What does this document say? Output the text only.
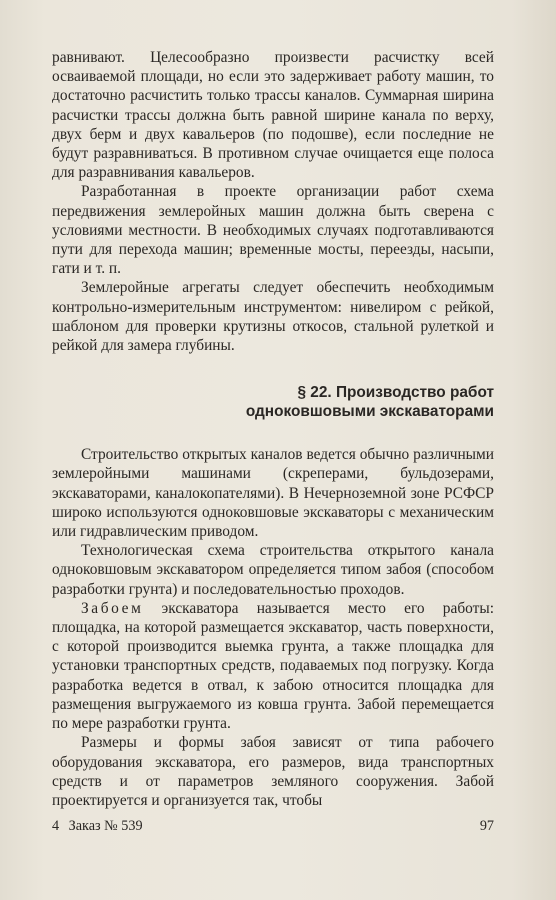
равнивают. Целесообразно произвести расчистку всей осваиваемой площади, но если это задерживает работу машин, то достаточно расчистить только трассы каналов. Суммарная ширина расчистки трассы должна быть равной ширине канала по верху, двух берм и двух кавальеров (по подошве), если последние не будут разравниваться. В противном случае очищается еще полоса для разравнивания кавальеров.

Разработанная в проекте организации работ схема передвижения землеройных машин должна быть сверена с условиями местности. В необходимых случаях подготавливаются пути для перехода машин; временные мосты, переезды, насыпи, гати и т. п.

Землеройные агрегаты следует обеспечить необходимым контрольно-измерительным инструментом: нивелиром с рейкой, шаблоном для проверки крутизны откосов, стальной рулеткой и рейкой для замера глубины.

§ 22. Производство работ
одноковшовыми экскаваторами

Строительство открытых каналов ведется обычно различными землеройными машинами (скреперами, бульдозерами, экскаваторами, каналокопателями). В Нечерноземной зоне РСФСР широко используются одноковшовые экскаваторы с механическим или гидравлическим приводом.

Технологическая схема строительства открытого канала одноковшовым экскаватором определяется типом забоя (способом разработки грунта) и последовательностью проходов.

Забоем экскаватора называется место его работы: площадка, на которой размещается экскаватор, часть поверхности, с которой производится выемка грунта, а также площадка для установки транспортных средств, подаваемых под погрузку. Когда разработка ведется в отвал, к забою относится площадка для размещения выгружаемого из ковша грунта. Забой перемещается по мере разработки грунта.

Размеры и формы забоя зависят от типа рабочего оборудования экскаватора, его размеров, вида транспортных средств и от параметров земляного сооружения. Забой проектируется и организуется так, чтобы

4 Заказ № 539	97
